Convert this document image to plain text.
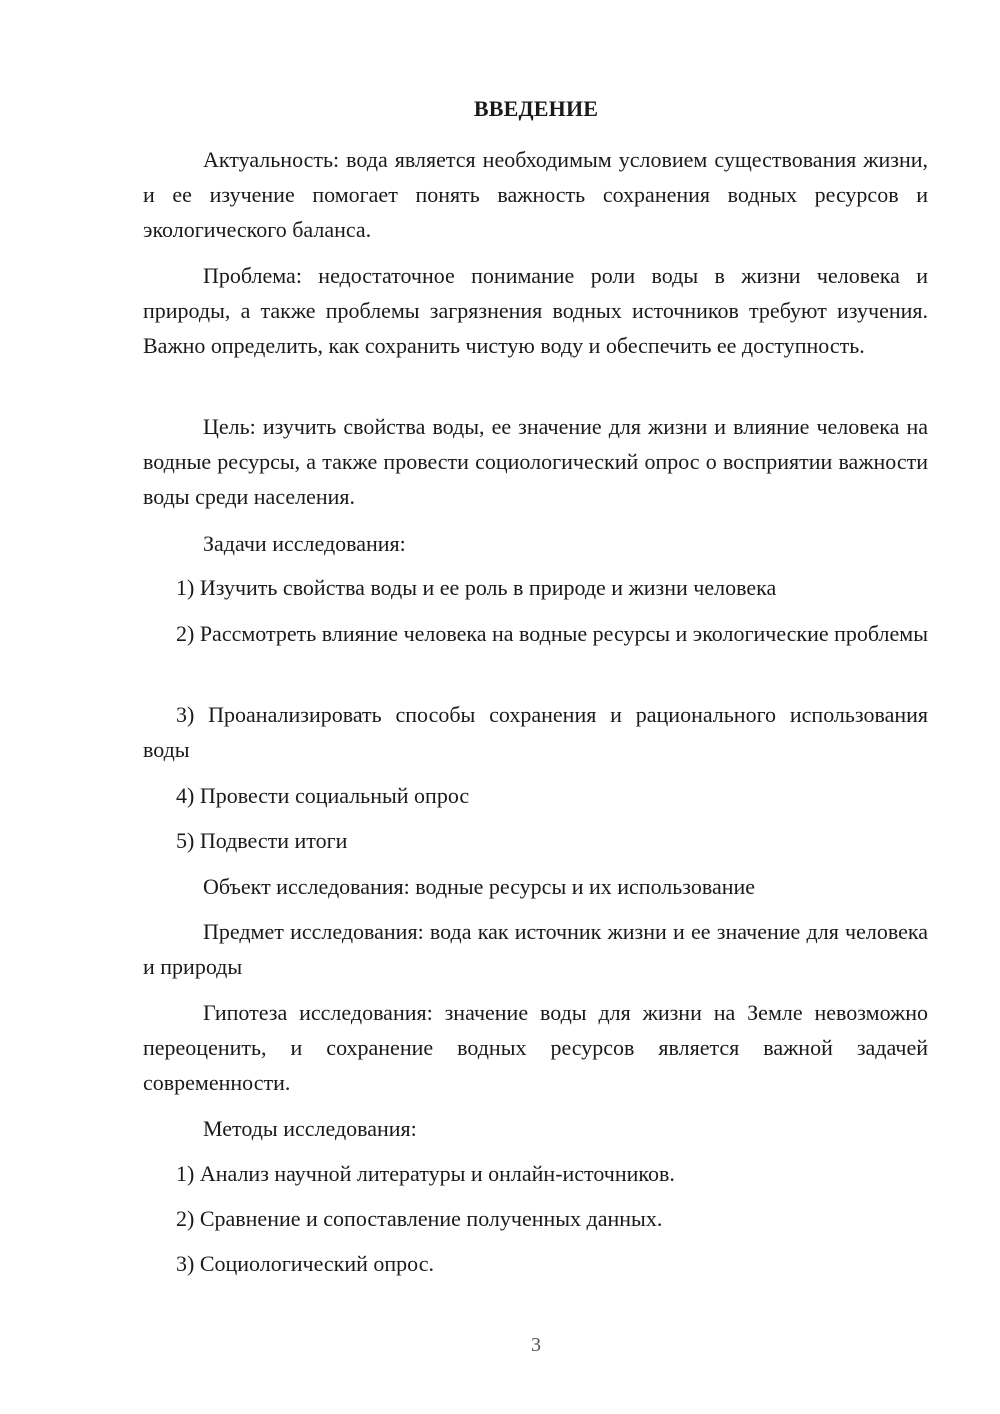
ВВЕДЕНИЕ

Актуальность: вода является необходимым условием существования жизни, и ее изучение помогает понять важность сохранения водных ресурсов и экологического баланса.

Проблема: недостаточное понимание роли воды в жизни человека и природы, а также проблемы загрязнения водных источников требуют изучения. Важно определить, как сохранить чистую воду и обеспечить ее доступность.

Цель: изучить свойства воды, ее значение для жизни и влияние человека на водные ресурсы, а также провести социологический опрос о восприятии важности воды среди населения.

Задачи исследования:

1) Изучить свойства воды и ее роль в природе и жизни человека

2) Рассмотреть влияние человека на водные ресурсы и экологические проблемы

3) Проанализировать способы сохранения и рационального использования воды

4) Провести социальный опрос

5) Подвести итоги

Объект исследования: водные ресурсы и их использование

Предмет исследования: вода как источник жизни и ее значение для человека и природы

Гипотеза исследования: значение воды для жизни на Земле невозможно переоценить, и сохранение водных ресурсов является важной задачей современности.

Методы исследования:

1) Анализ научной литературы и онлайн-источников.

2) Сравнение и сопоставление полученных данных.

3) Социологический опрос.

3
